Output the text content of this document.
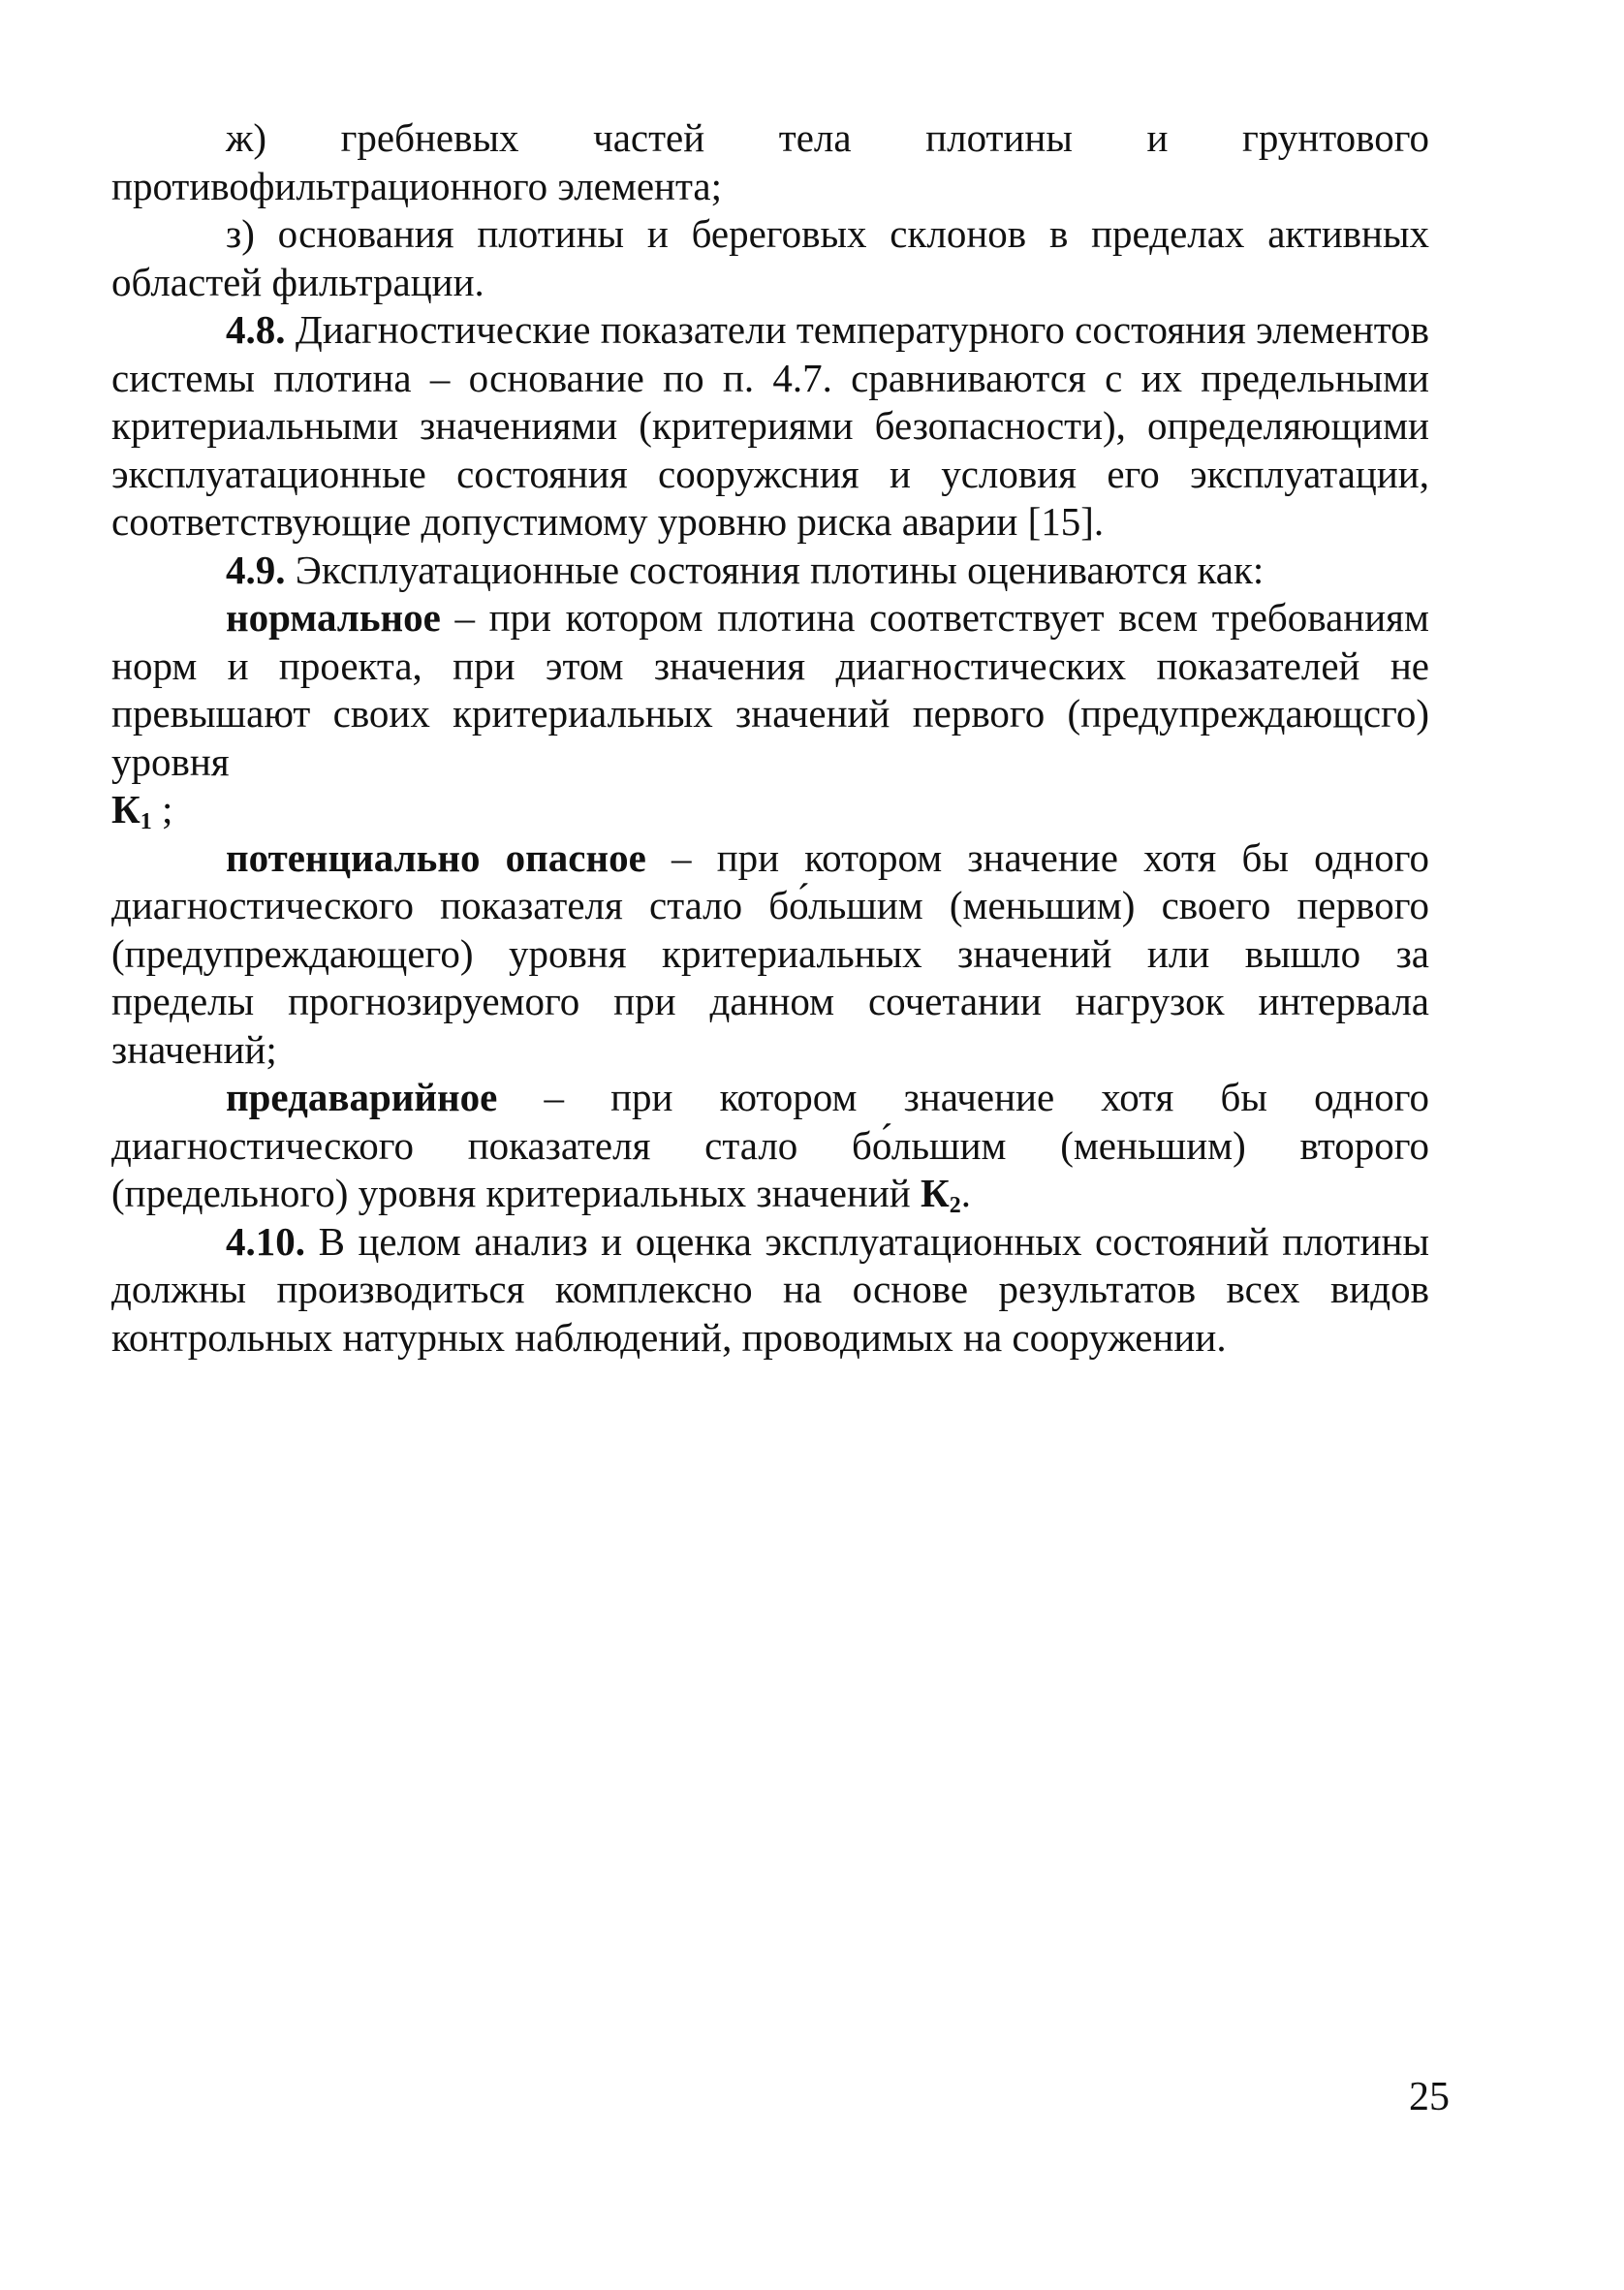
ж) гребневых частей тела плотины и грунтового противофильтрационного элемента;

з) основания плотины и береговых склонов в пределах активных областей фильтрации.

4.8. Диагностические показатели температурного состояния элементов системы плотина – основание по п. 4.7. сравниваются с их предельными критериальными значениями (критериями безопасности), определяющими эксплуатационные состояния сооружсния и условия его эксплуатации, соответствующие допустимому уровню риска аварии [15].

4.9. Эксплуатационные состояния плотины оцениваются как:

нормальное – при котором плотина соответствует всем требованиям норм и проекта, при этом значения диагностических показателей не превышают своих критериальных значений первого (предупреждающсго) уровня
$К_1$ ;

потенциально опасное – при котором значение хотя бы одного диагностического показателя стало бо́льшим (меньшим) своего первого (предупреждающего) уровня критериальных значений или вышло за пределы прогнозируемого при данном сочетании нагрузок интервала значений;

предаварийное – при котором значение хотя бы одного диагностического показателя стало бо́льшим (меньшим) второго (предельного) уровня критериальных значений $К_2$.

4.10. В целом анализ и оценка эксплуатационных состояний плотины должны производиться комплексно на основе результатов всех видов контрольных натурных наблюдений, проводимых на сооружении.

25
